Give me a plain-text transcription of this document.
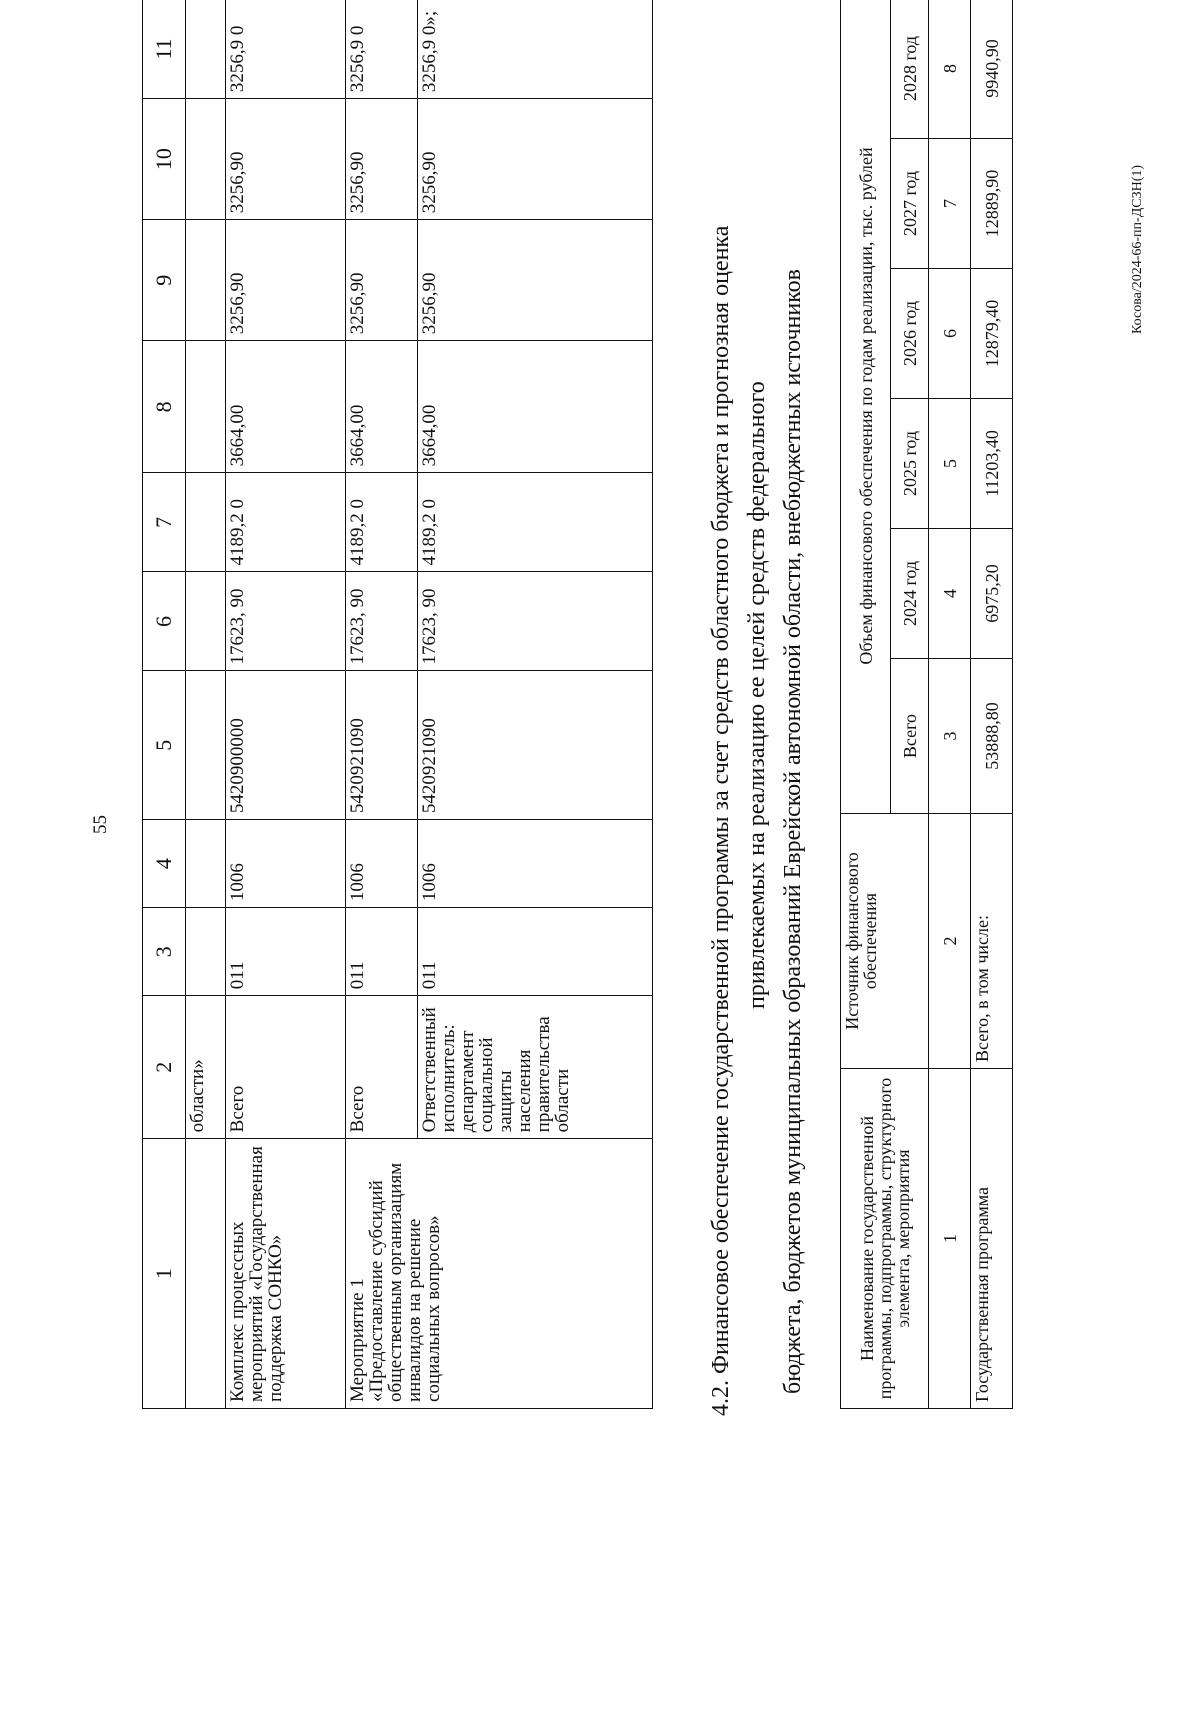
55
1	2	3	4	5	6	7	8	9	10	11
	области»									
Комплекс процессных мероприятий «Государственная поддержка СОНКО»	Всего	011	1006	5420900000	17623, 90	4189,2 0	3664,00	3256,90	3256,90	3256,9 0
Мероприятие 1 «Предоставление субсидий общественным организациям инвалидов на решение социальных вопросов»	Всего	011	1006	5420921090	17623, 90	4189,2 0	3664,00	3256,90	3256,90	3256,9 0
	Ответственный исполнитель: департамент социальной защиты населения правительства области	011	1006	5420921090	17623, 90	4189,2 0	3664,00	3256,90	3256,90	3256,9 0»;
4.2. Финансовое обеспечение государственной программы за счет средств областного бюджета и прогнозная оценка привлекаемых на реализацию ее целей средств федерального бюджета, бюджетов муниципальных образований Еврейской автономной области, внебюджетных источников	Наименование государственной программы, подпрограммы, структурного элемента, мероприятия	Источник финансового обеспечения	Объем финансового обеспечения по годам реализации, тыс. рублей					
		Всего	2024 год	2025 год	2026 год	2027 год	2028 год
1	2	3	4	5	6	7	8
Государственная программа	Всего, в том числе:	53888,80	6975,20	11203,40	12879,40	12889,90	9940,90
Косова/2024-66-пп-ДСЗН(1)
